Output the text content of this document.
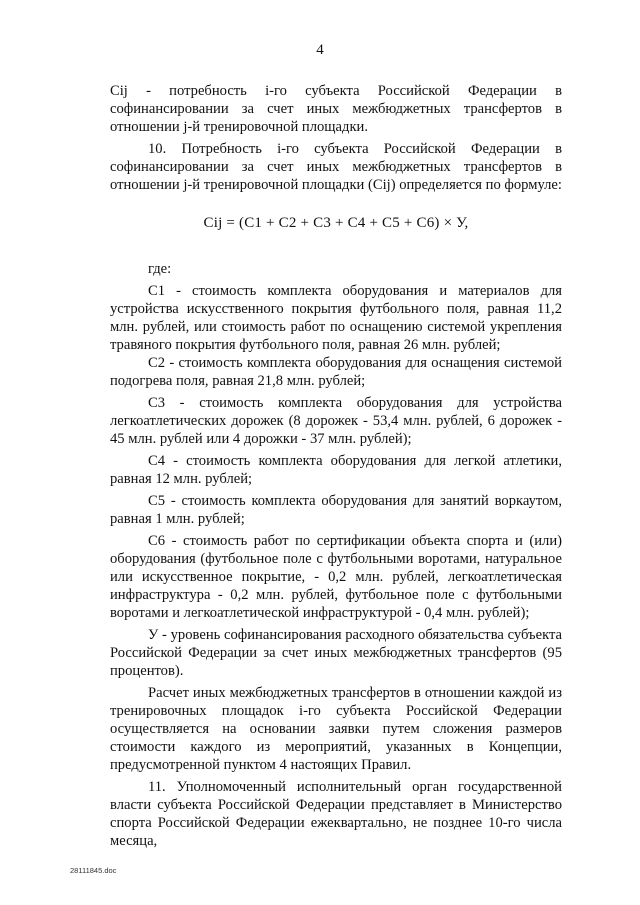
4

Cij - потребность i-го субъекта Российской Федерации в софинансировании за счет иных межбюджетных трансфертов в отношении j-й тренировочной площадки.

10. Потребность i-го субъекта Российской Федерации в софинансировании за счет иных межбюджетных трансфертов в отношении j-й тренировочной площадки (Cij) определяется по формуле:

Cij = (C1 + C2 + C3 + C4 + C5 + C6) × У,

где:

C1 - стоимость комплекта оборудования и материалов для устройства искусственного покрытия футбольного поля, равная 11,2 млн. рублей, или стоимость работ по оснащению системой укрепления травяного покрытия футбольного поля, равная 26 млн. рублей;

C2 - стоимость комплекта оборудования для оснащения системой подогрева поля, равная 21,8 млн. рублей;

C3 - стоимость комплекта оборудования для устройства легкоатлетических дорожек (8 дорожек - 53,4 млн. рублей, 6 дорожек - 45 млн. рублей или 4 дорожки - 37 млн. рублей);

C4 - стоимость комплекта оборудования для легкой атлетики, равная 12 млн. рублей;

C5 - стоимость комплекта оборудования для занятий воркаутом, равная 1 млн. рублей;

C6 - стоимость работ по сертификации объекта спорта и (или) оборудования (футбольное поле с футбольными воротами, натуральное или искусственное покрытие, - 0,2 млн. рублей, легкоатлетическая инфраструктура - 0,2 млн. рублей, футбольное поле с футбольными воротами и легкоатлетической инфраструктурой - 0,4 млн. рублей);

У - уровень софинансирования расходного обязательства субъекта Российской Федерации за счет иных межбюджетных трансфертов (95 процентов).

Расчет иных межбюджетных трансфертов в отношении каждой из тренировочных площадок i-го субъекта Российской Федерации осуществляется на основании заявки путем сложения размеров стоимости каждого из мероприятий, указанных в Концепции, предусмотренной пунктом 4 настоящих Правил.

11. Уполномоченный исполнительный орган государственной власти субъекта Российской Федерации представляет в Министерство спорта Российской Федерации ежеквартально, не позднее 10-го числа месяца,

28111845.doc
